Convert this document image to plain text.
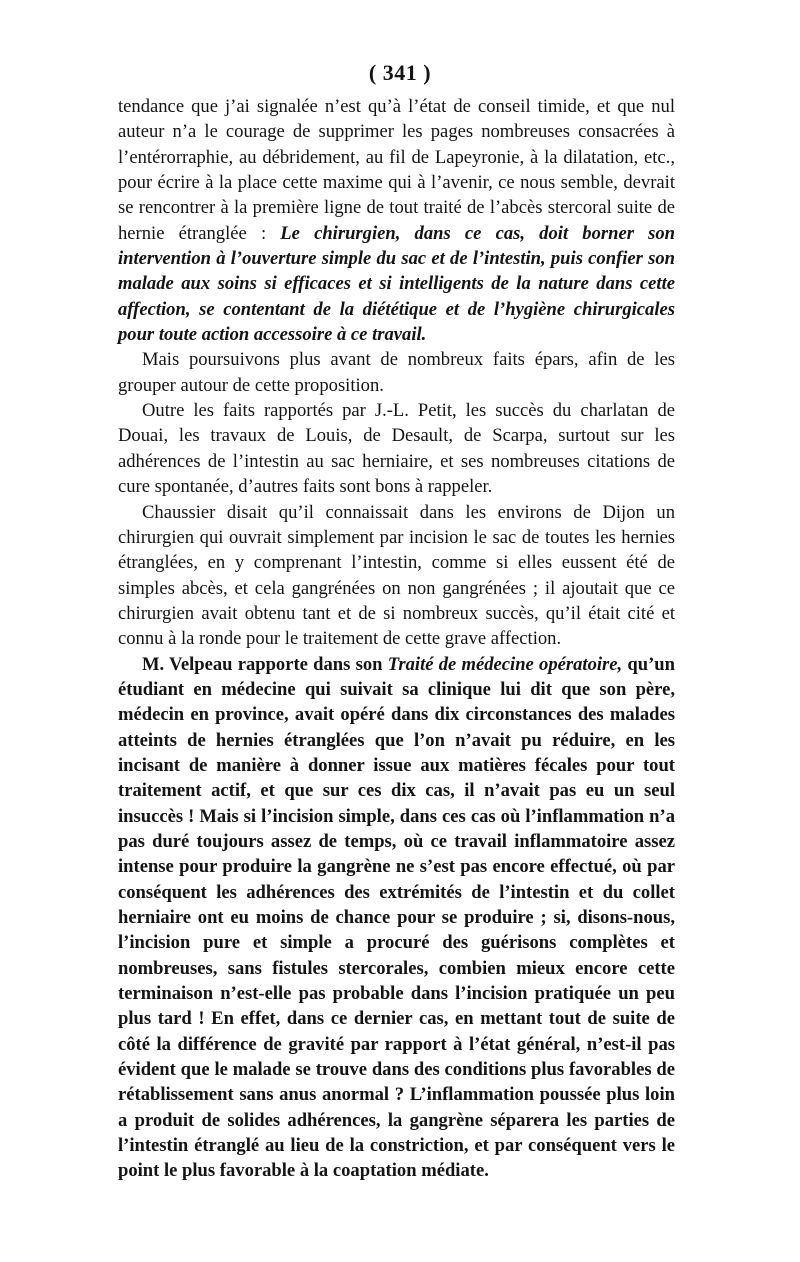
( 341 )

tendance que j’ai signalée n’est qu’à l’état de conseil timide, et que nul auteur n’a le courage de supprimer les pages nombreuses consacrées à l’entérorraphie, au débridement, au fil de Lapeyronie, à la dilatation, etc., pour écrire à la place cette maxime qui à l’avenir, ce nous semble, devrait se rencontrer à la première ligne de tout traité de l’abcès stercoral suite de hernie étranglée : Le chirurgien, dans ce cas, doit borner son intervention à l’ouverture simple du sac et de l’intestin, puis confier son malade aux soins si efficaces et si intelligents de la nature dans cette affection, se contentant de la diététique et de l’hygiène chirurgicales pour toute action accessoire à ce travail.

Mais poursuivons plus avant de nombreux faits épars, afin de les grouper autour de cette proposition.

Outre les faits rapportés par J.-L. Petit, les succès du charlatan de Douai, les travaux de Louis, de Desault, de Scarpa, surtout sur les adhérences de l’intestin au sac herniaire, et ses nombreuses citations de cure spontanée, d’autres faits sont bons à rappeler.

Chaussier disait qu’il connaissait dans les environs de Dijon un chirurgien qui ouvrait simplement par incision le sac de toutes les hernies étranglées, en y comprenant l’intestin, comme si elles eussent été de simples abcès, et cela gangrénées on non gangrénées ; il ajoutait que ce chirurgien avait obtenu tant et de si nombreux succès, qu’il était cité et connu à la ronde pour le traitement de cette grave affection.

M. Velpeau rapporte dans son Traité de médecine opératoire, qu’un étudiant en médecine qui suivait sa clinique lui dit que son père, médecin en province, avait opéré dans dix circonstances des malades atteints de hernies étranglées que l’on n’avait pu réduire, en les incisant de manière à donner issue aux matières fécales pour tout traitement actif, et que sur ces dix cas, il n’avait pas eu un seul insuccès ! Mais si l’incision simple, dans ces cas où l’inflammation n’a pas duré toujours assez de temps, où ce travail inflammatoire assez intense pour produire la gangrène ne s’est pas encore effectué, où par conséquent les adhérences des extrémités de l’intestin et du collet herniaire ont eu moins de chance pour se produire ; si, disons-nous, l’incision pure et simple a procuré des guérisons complètes et nombreuses, sans fistules stercorales, combien mieux encore cette terminaison n’est-elle pas probable dans l’incision pratiquée un peu plus tard ! En effet, dans ce dernier cas, en mettant tout de suite de côté la différence de gravité par rapport à l’état général, n’est-il pas évident que le malade se trouve dans des conditions plus favorables de rétablissement sans anus anormal ? L’inflammation poussée plus loin a produit de solides adhérences, la gangrène séparera les parties de l’intestin étranglé au lieu de la constriction, et par conséquent vers le point le plus favorable à la coaptation médiate.
